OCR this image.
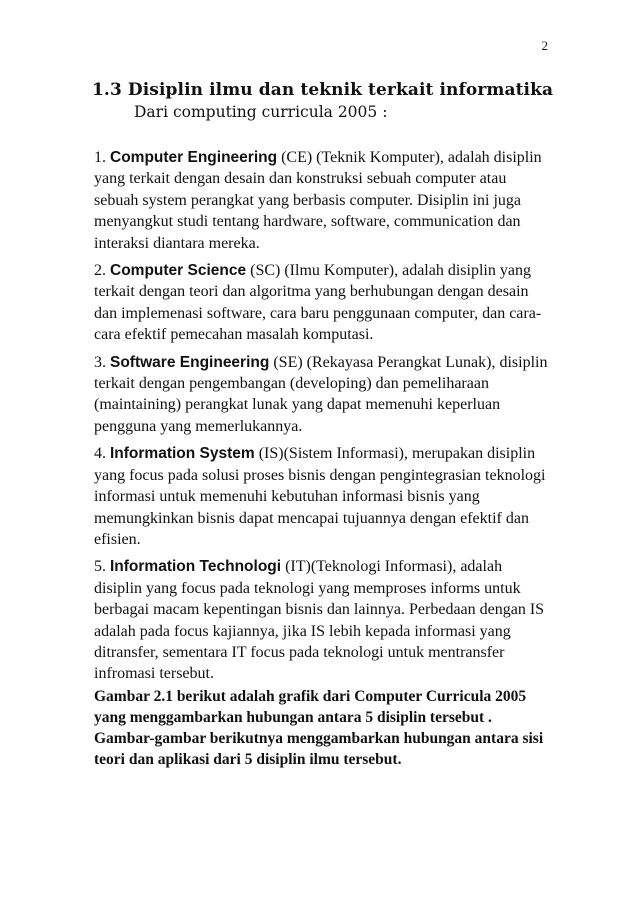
2
1.3 Disiplin ilmu dan teknik terkait informatika

Dari computing curricula 2005 :

1. Computer Engineering (CE) (Teknik Komputer), adalah disiplin yang terkait dengan desain dan konstruksi sebuah computer atau sebuah system perangkat yang berbasis computer. Disiplin ini juga menyangkut studi tentang hardware, software, communication dan interaksi diantara mereka.

2. Computer Science (SC) (Ilmu Komputer), adalah disiplin yang terkait dengan teori dan algoritma yang berhubungan dengan desain dan implemenasi software, cara baru penggunaan computer, dan cara-cara efektif pemecahan masalah komputasi.

3. Software Engineering (SE) (Rekayasa Perangkat Lunak), disiplin terkait dengan pengembangan (developing) dan pemeliharaan (maintaining) perangkat lunak yang dapat memenuhi keperluan pengguna yang memerlukannya.

4. Information System (IS)(Sistem Informasi), merupakan disiplin yang focus pada solusi proses bisnis dengan pengintegrasian teknologi informasi untuk memenuhi kebutuhan informasi bisnis yang memungkinkan bisnis dapat mencapai tujuannya dengan efektif dan efisien.

5. Information Technologi (IT)(Teknologi Informasi), adalah disiplin yang focus pada teknologi yang memproses informs untuk berbagai macam kepentingan bisnis dan lainnya. Perbedaan dengan IS adalah pada focus kajiannya, jika IS lebih kepada informasi yang ditransfer, sementara IT focus pada teknologi untuk mentransfer infromasi tersebut.

Gambar 2.1 berikut adalah grafik dari Computer Curricula 2005 yang menggambarkan hubungan antara 5 disiplin tersebut . Gambar-gambar berikutnya menggambarkan hubungan antara sisi teori dan aplikasi dari 5 disiplin ilmu tersebut.
